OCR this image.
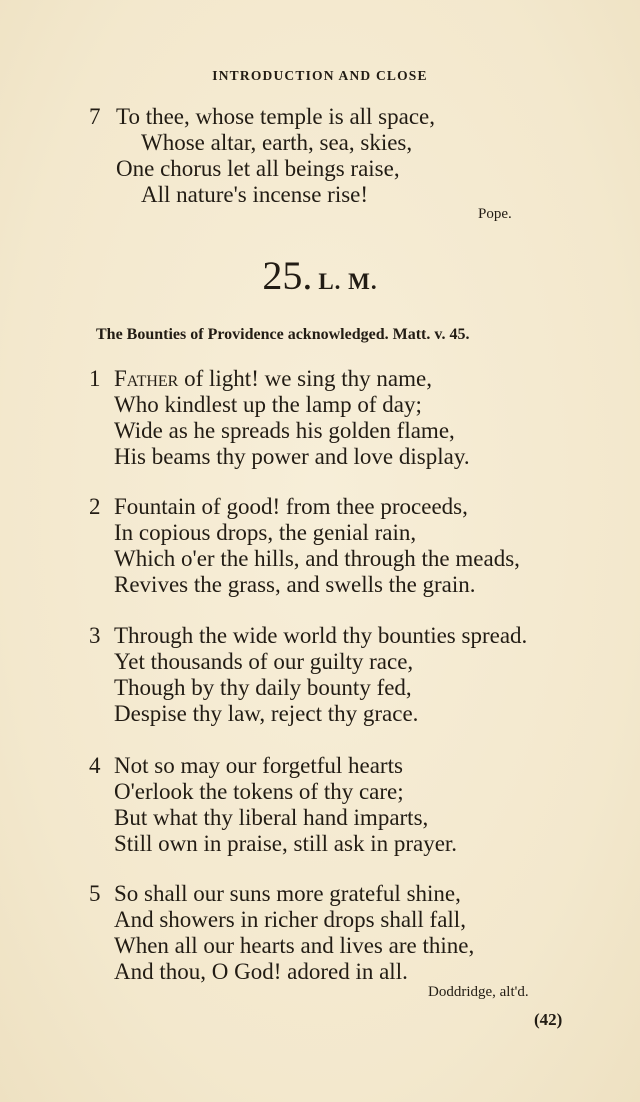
INTRODUCTION AND CLOSE
7 To thee, whose temple is all space,
Whose altar, earth, sea, skies,
One chorus let all beings raise,
All nature's incense rise!
Pope.
25. L. M.
The Bounties of Providence acknowledged. Matt. v. 45.
1 Father of light! we sing thy name,
Who kindlest up the lamp of day;
Wide as he spreads his golden flame,
His beams thy power and love display.
2 Fountain of good! from thee proceeds,
In copious drops, the genial rain,
Which o'er the hills, and through the meads,
Revives the grass, and swells the grain.
3 Through the wide world thy bounties spread.
Yet thousands of our guilty race,
Though by thy daily bounty fed,
Despise thy law, reject thy grace.
4 Not so may our forgetful hearts
O'erlook the tokens of thy care;
But what thy liberal hand imparts,
Still own in praise, still ask in prayer.
5 So shall our suns more grateful shine,
And showers in richer drops shall fall,
When all our hearts and lives are thine,
And thou, O God! adored in all.
Doddridge, alt'd.
(42)
